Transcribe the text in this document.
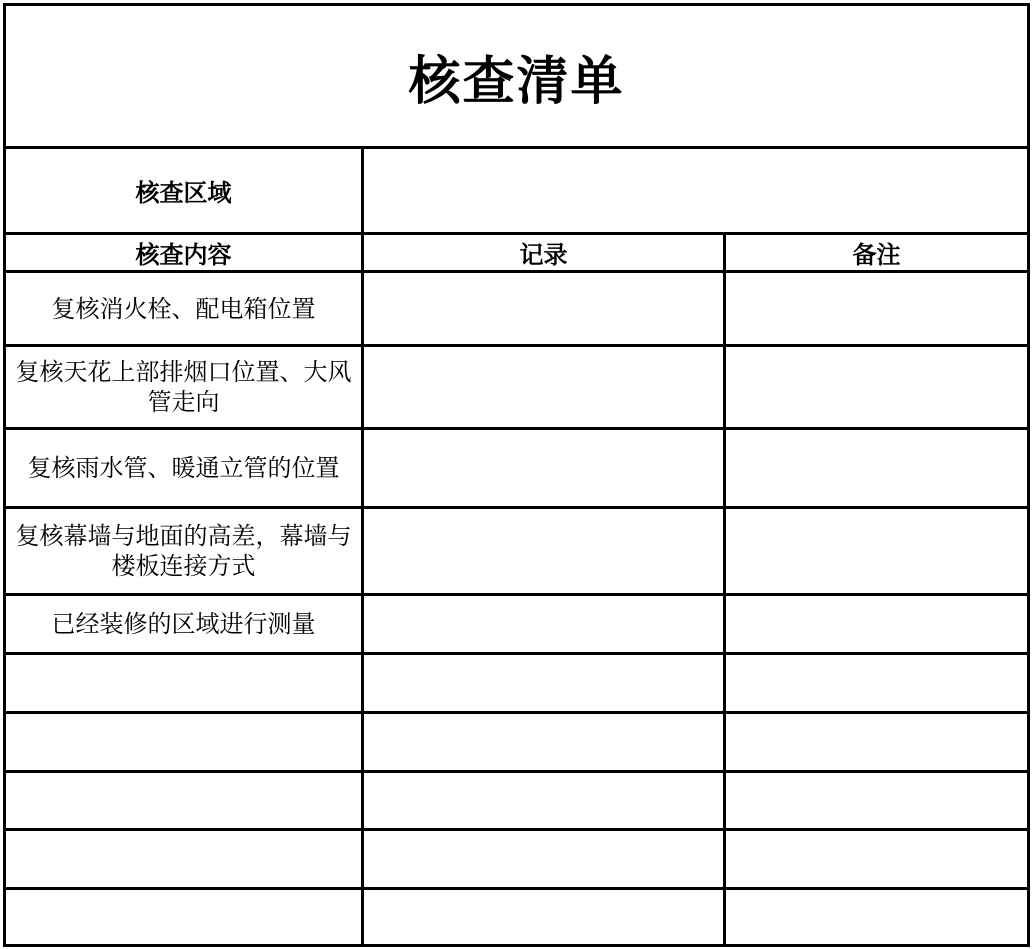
核查清单		
核查区域		
核查内容	记录	备注
复核消火栓、配电箱位置		
复核天花上部排烟口位置、大风管走向		
复核雨水管、暖通立管的位置		
复核幕墙与地面的高差，幕墙与楼板连接方式		
已经装修的区域进行测量		
